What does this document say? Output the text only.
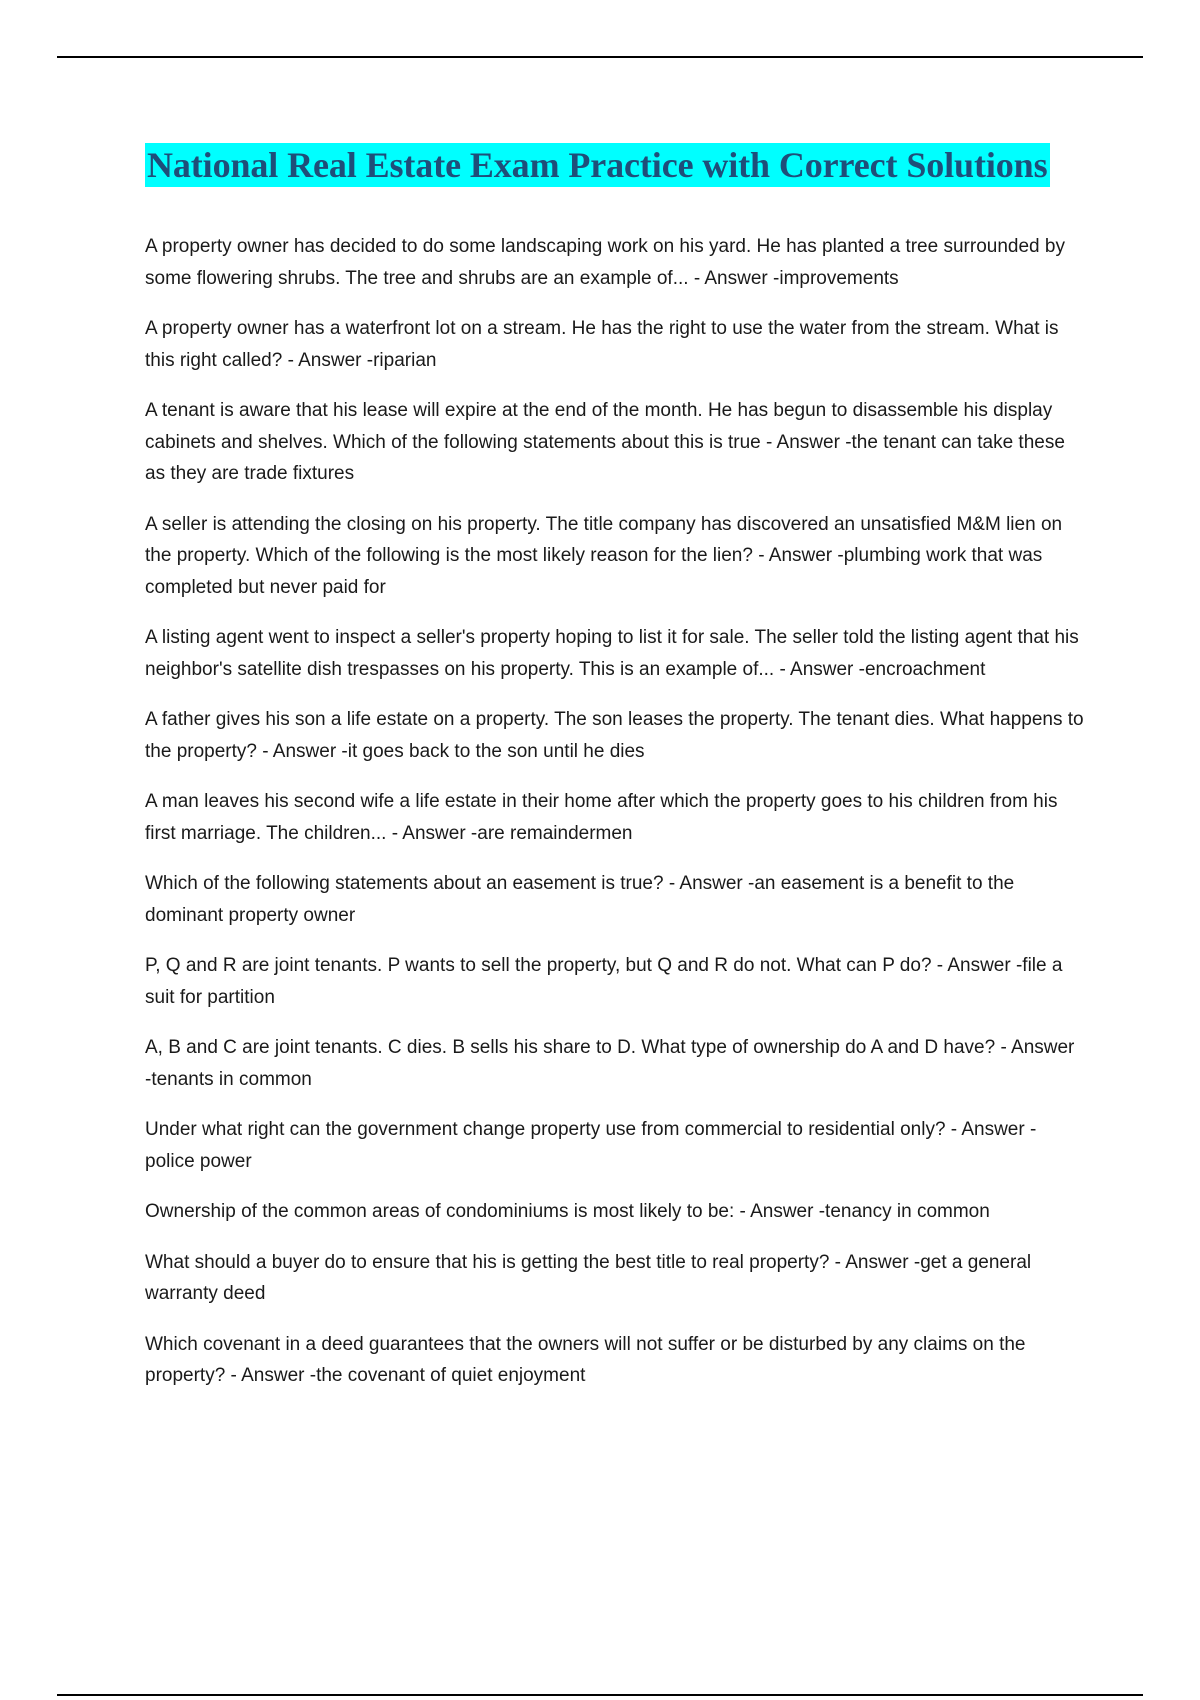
National Real Estate Exam Practice with Correct Solutions
A property owner has decided to do some landscaping work on his yard. He has planted a tree surrounded by some flowering shrubs. The tree and shrubs are an example of... - Answer -improvements
A property owner has a waterfront lot on a stream. He has the right to use the water from the stream. What is this right called? - Answer -riparian
A tenant is aware that his lease will expire at the end of the month. He has begun to disassemble his display cabinets and shelves. Which of the following statements about this is true - Answer -the tenant can take these as they are trade fixtures
A seller is attending the closing on his property. The title company has discovered an unsatisfied M&M lien on the property. Which of the following is the most likely reason for the lien? - Answer -plumbing work that was completed but never paid for
A listing agent went to inspect a seller's property hoping to list it for sale. The seller told the listing agent that his neighbor's satellite dish trespasses on his property. This is an example of... - Answer -encroachment
A father gives his son a life estate on a property. The son leases the property. The tenant dies. What happens to the property? - Answer -it goes back to the son until he dies
A man leaves his second wife a life estate in their home after which the property goes to his children from his first marriage. The children... - Answer -are remaindermen
Which of the following statements about an easement is true? - Answer -an easement is a benefit to the dominant property owner
P, Q and R are joint tenants. P wants to sell the property, but Q and R do not. What can P do? - Answer -file a suit for partition
A, B and C are joint tenants. C dies. B sells his share to D. What type of ownership do A and D have? - Answer -tenants in common
Under what right can the government change property use from commercial to residential only? - Answer -police power
Ownership of the common areas of condominiums is most likely to be: - Answer -tenancy in common
What should a buyer do to ensure that his is getting the best title to real property? - Answer -get a general warranty deed
Which covenant in a deed guarantees that the owners will not suffer or be disturbed by any claims on the property? - Answer -the covenant of quiet enjoyment
